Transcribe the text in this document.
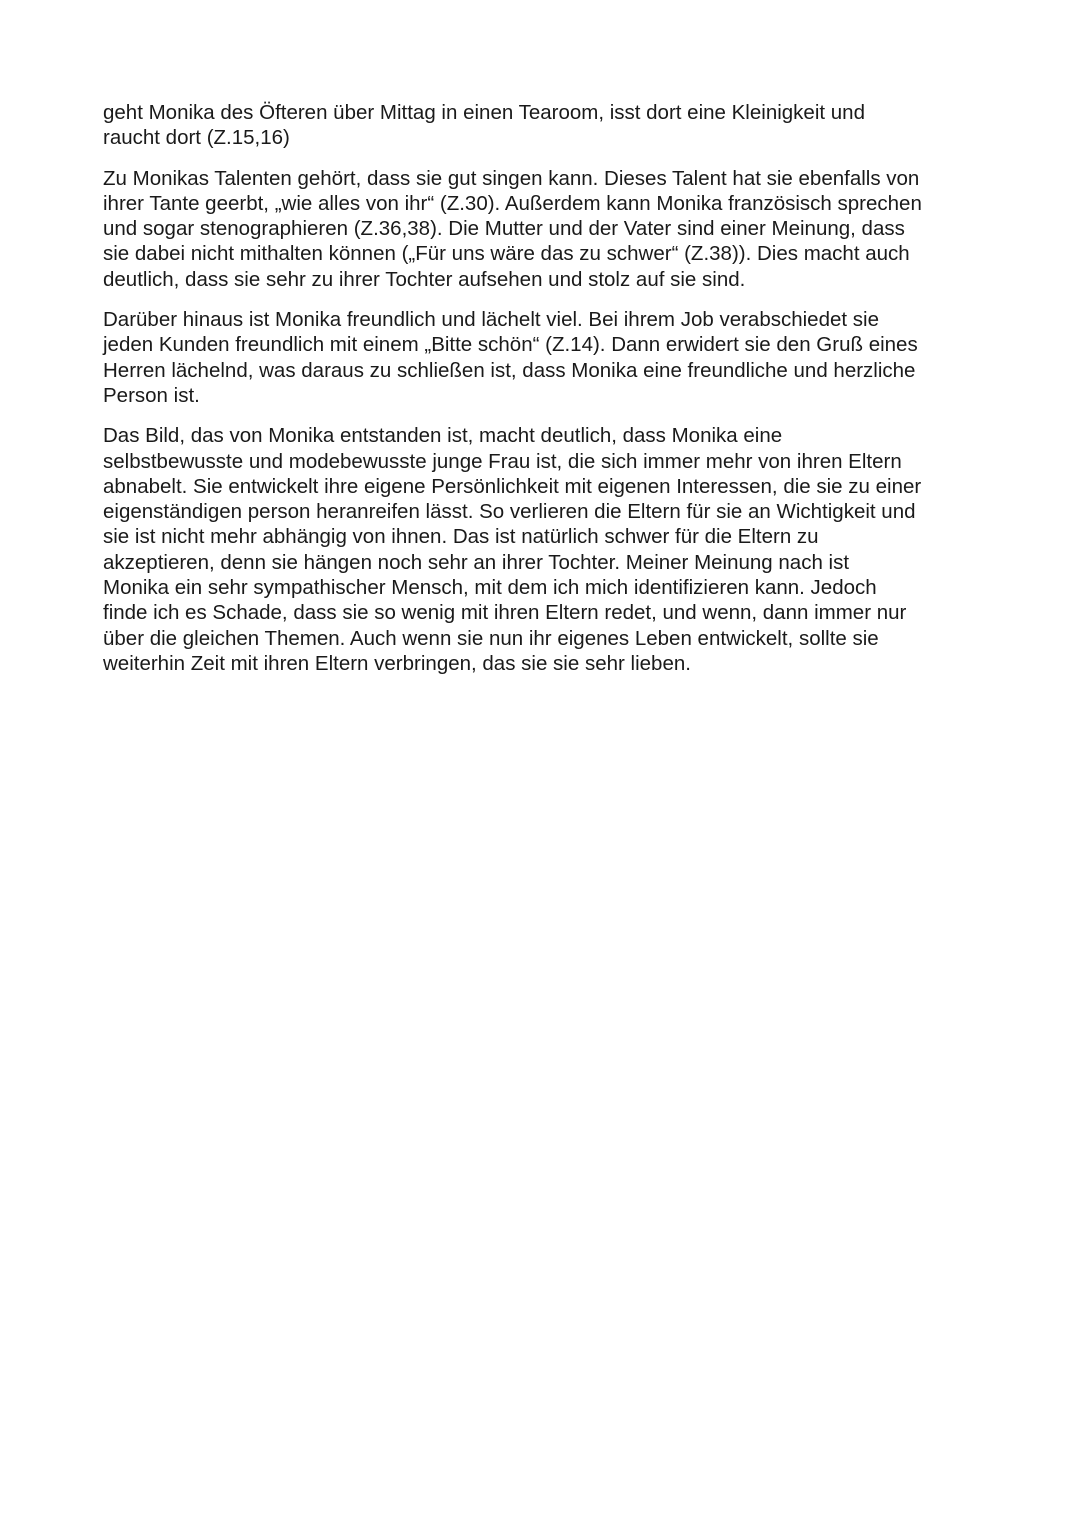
geht Monika des Öfteren über Mittag in einen Tearoom, isst dort eine Kleinigkeit und
raucht dort (Z.15,16)

Zu Monikas Talenten gehört, dass sie gut singen kann. Dieses Talent hat sie ebenfalls von
ihrer Tante geerbt, „wie alles von ihr“ (Z.30). Außerdem kann Monika französisch sprechen
und sogar stenographieren (Z.36,38). Die Mutter und der Vater sind einer Meinung, dass
sie dabei nicht mithalten können („Für uns wäre das zu schwer“ (Z.38)). Dies macht auch
deutlich, dass sie sehr zu ihrer Tochter aufsehen und stolz auf sie sind.

Darüber hinaus ist Monika freundlich und lächelt viel. Bei ihrem Job verabschiedet sie
jeden Kunden freundlich mit einem „Bitte schön“ (Z.14). Dann erwidert sie den Gruß eines
Herren lächelnd, was daraus zu schließen ist, dass Monika eine freundliche und herzliche
Person ist.

Das Bild, das von Monika entstanden ist, macht deutlich, dass Monika eine
selbstbewusste und modebewusste junge Frau ist, die sich immer mehr von ihren Eltern
abnabelt. Sie entwickelt ihre eigene Persönlichkeit mit eigenen Interessen, die sie zu einer
eigenständigen person heranreifen lässt. So verlieren die Eltern für sie an Wichtigkeit und
sie ist nicht mehr abhängig von ihnen. Das ist natürlich schwer für die Eltern zu
akzeptieren, denn sie hängen noch sehr an ihrer Tochter. Meiner Meinung nach ist
Monika ein sehr sympathischer Mensch, mit dem ich mich identifizieren kann. Jedoch
finde ich es Schade, dass sie so wenig mit ihren Eltern redet, und wenn, dann immer nur
über die gleichen Themen. Auch wenn sie nun ihr eigenes Leben entwickelt, sollte sie
weiterhin Zeit mit ihren Eltern verbringen, das sie sie sehr lieben.
